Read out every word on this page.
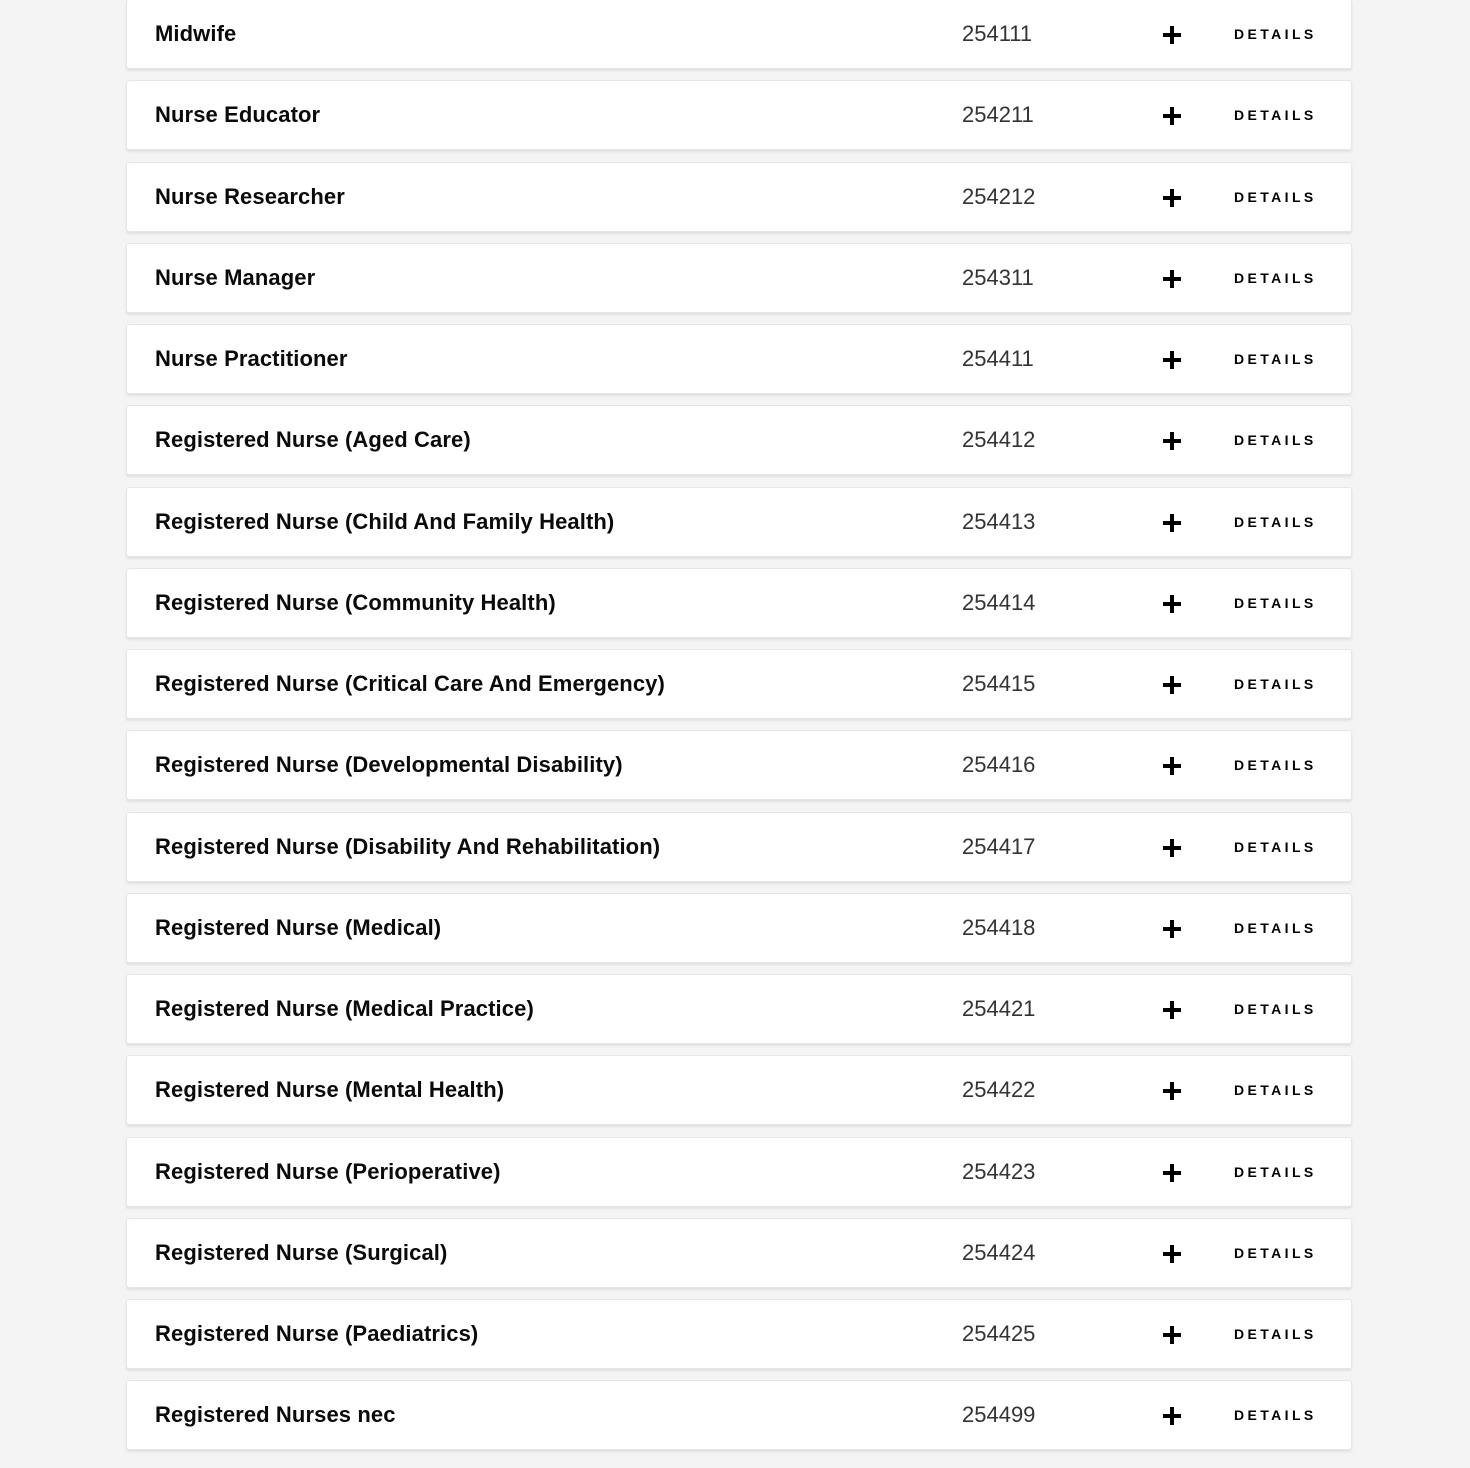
Midwife	254111	DETAILS
Nurse Educator	254211	DETAILS
Nurse Researcher	254212	DETAILS
Nurse Manager	254311	DETAILS
Nurse Practitioner	254411	DETAILS
Registered Nurse (Aged Care)	254412	DETAILS
Registered Nurse (Child And Family Health)	254413	DETAILS
Registered Nurse (Community Health)	254414	DETAILS
Registered Nurse (Critical Care And Emergency)	254415	DETAILS
Registered Nurse (Developmental Disability)	254416	DETAILS
Registered Nurse (Disability And Rehabilitation)	254417	DETAILS
Registered Nurse (Medical)	254418	DETAILS
Registered Nurse (Medical Practice)	254421	DETAILS
Registered Nurse (Mental Health)	254422	DETAILS
Registered Nurse (Perioperative)	254423	DETAILS
Registered Nurse (Surgical)	254424	DETAILS
Registered Nurse (Paediatrics)	254425	DETAILS
Registered Nurses nec	254499	DETAILS
